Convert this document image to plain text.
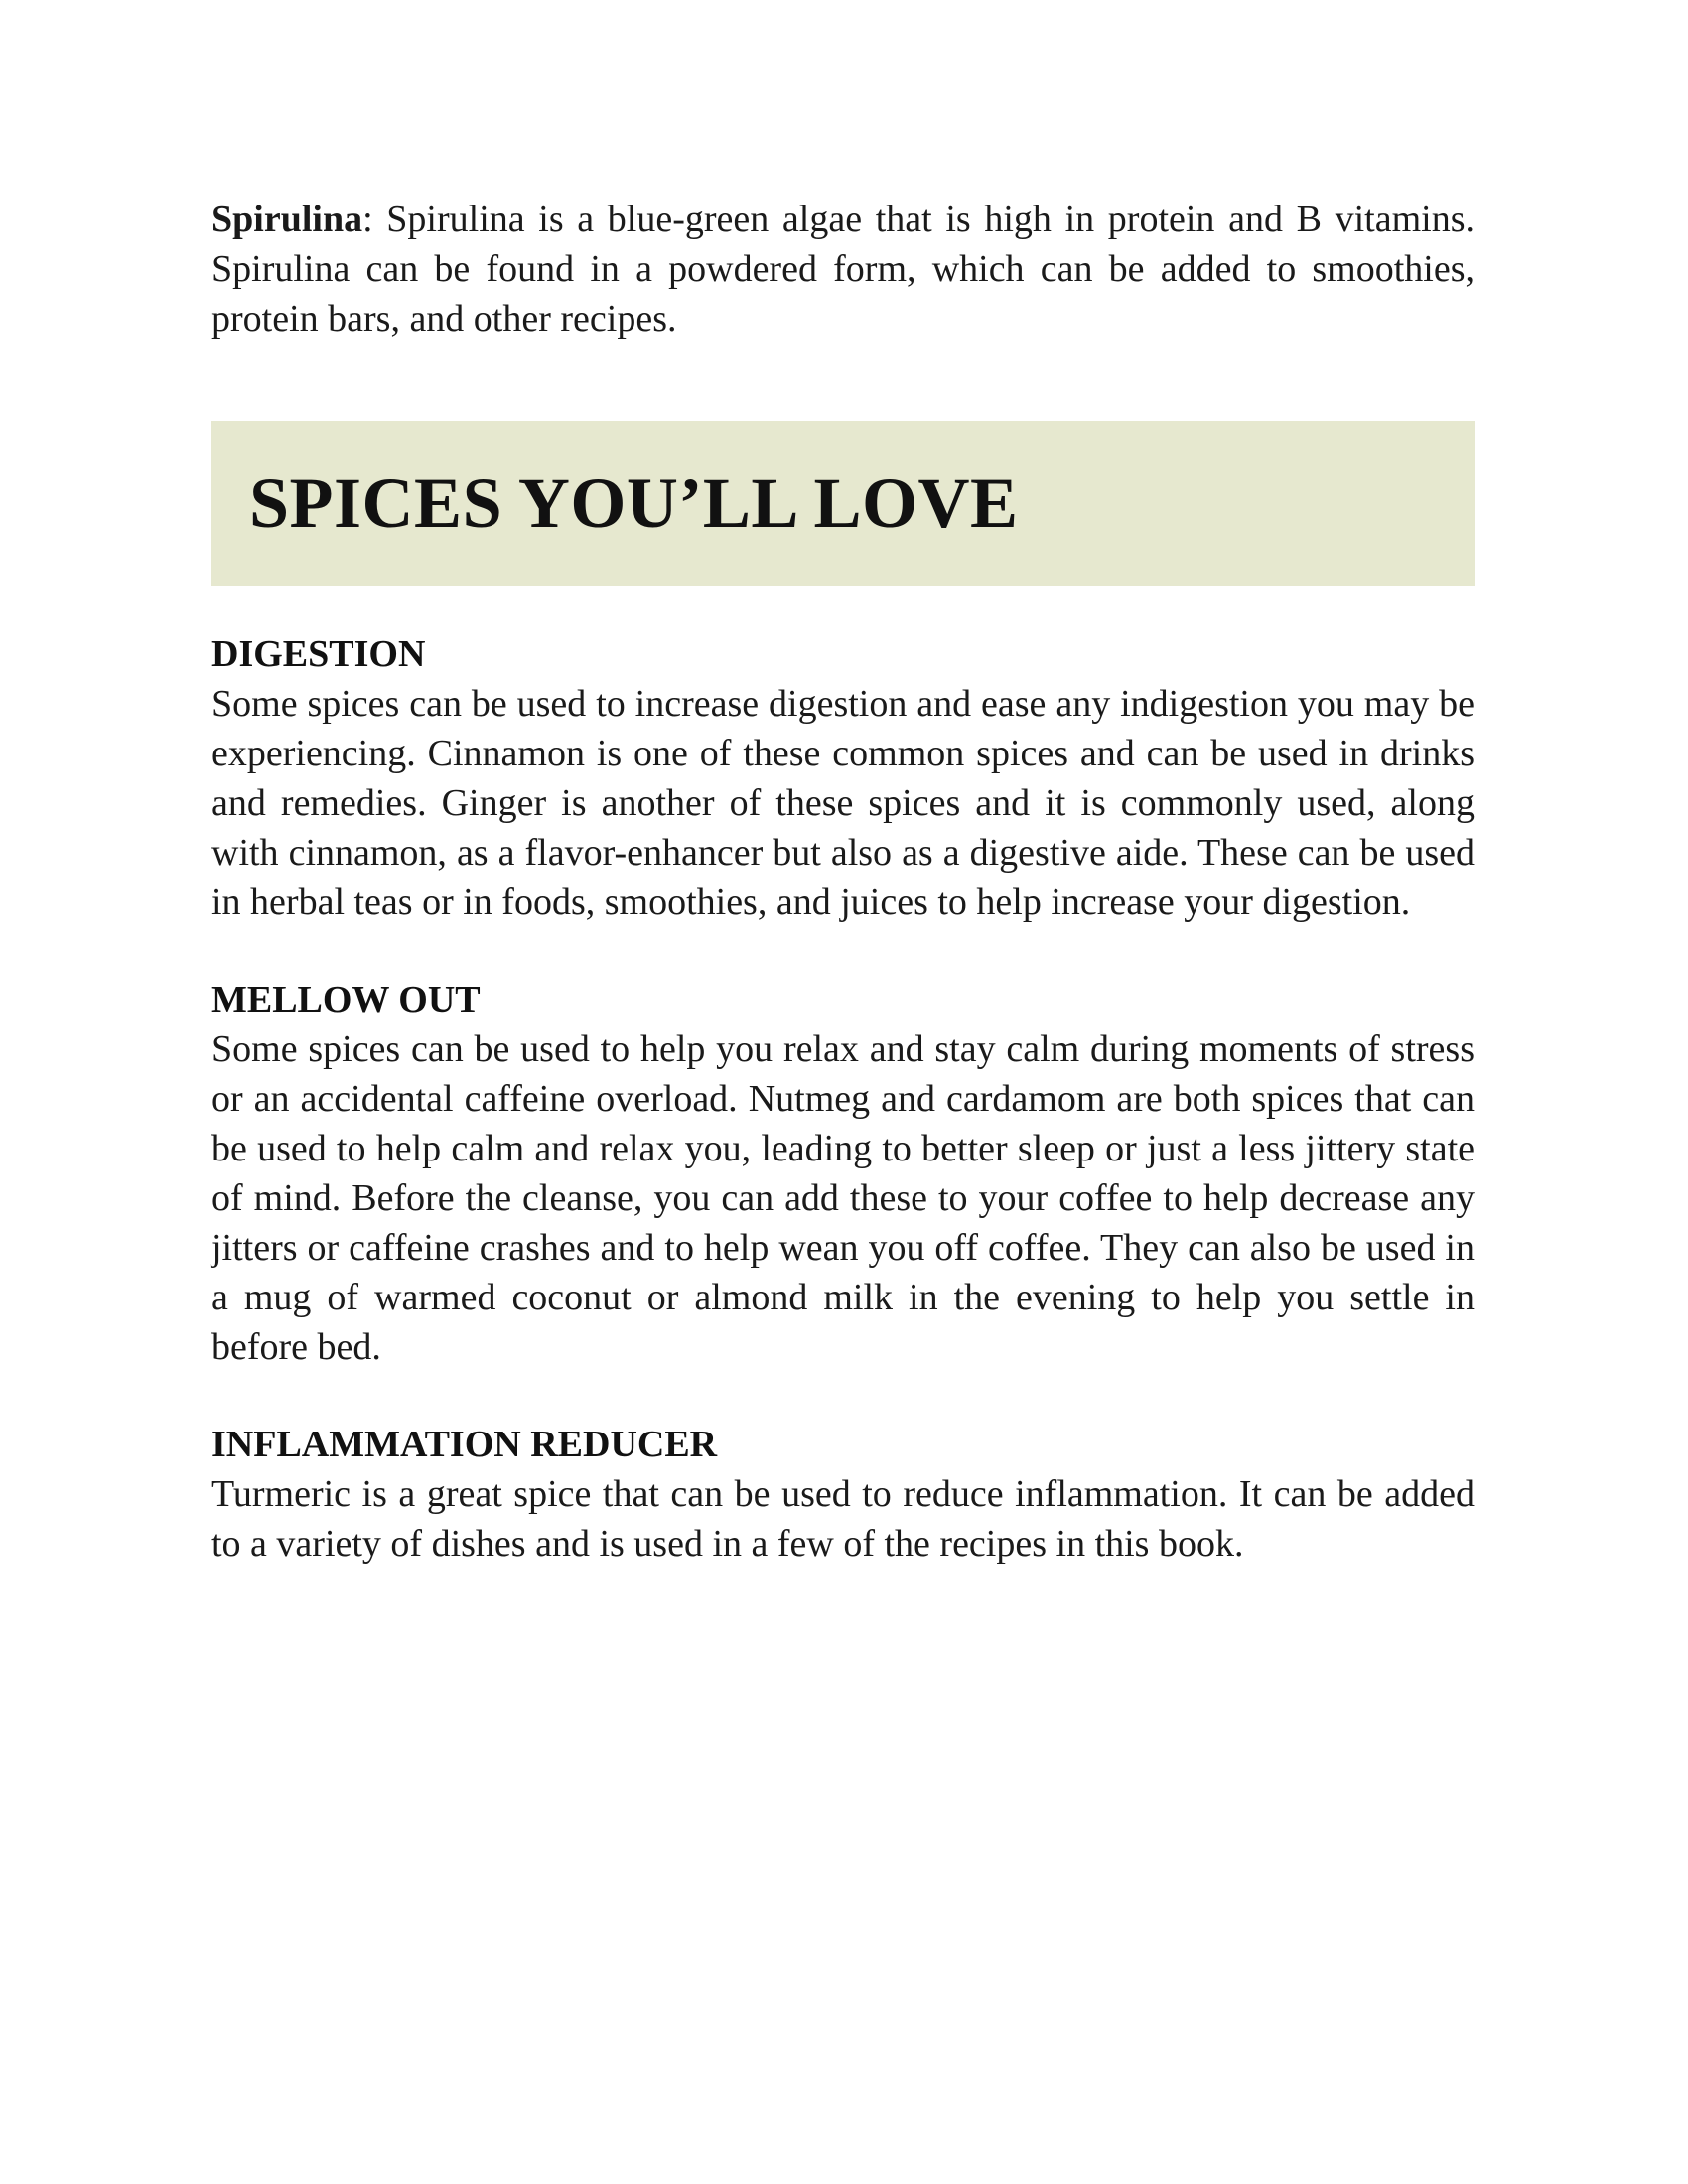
Spirulina: Spirulina is a blue-green algae that is high in protein and B vitamins. Spirulina can be found in a powdered form, which can be added to smoothies, protein bars, and other recipes.

SPICES YOU’LL LOVE
DIGESTION

Some spices can be used to increase digestion and ease any indigestion you may be experiencing. Cinnamon is one of these common spices and can be used in drinks and remedies. Ginger is another of these spices and it is commonly used, along with cinnamon, as a flavor-enhancer but also as a digestive aide. These can be used in herbal teas or in foods, smoothies, and juices to help increase your digestion.

MELLOW OUT

Some spices can be used to help you relax and stay calm during moments of stress or an accidental caffeine overload. Nutmeg and cardamom are both spices that can be used to help calm and relax you, leading to better sleep or just a less jittery state of mind. Before the cleanse, you can add these to your coffee to help decrease any jitters or caffeine crashes and to help wean you off coffee. They can also be used in a mug of warmed coconut or almond milk in the evening to help you settle in before bed.

INFLAMMATION REDUCER

Turmeric is a great spice that can be used to reduce inflammation. It can be added to a variety of dishes and is used in a few of the recipes in this book.
